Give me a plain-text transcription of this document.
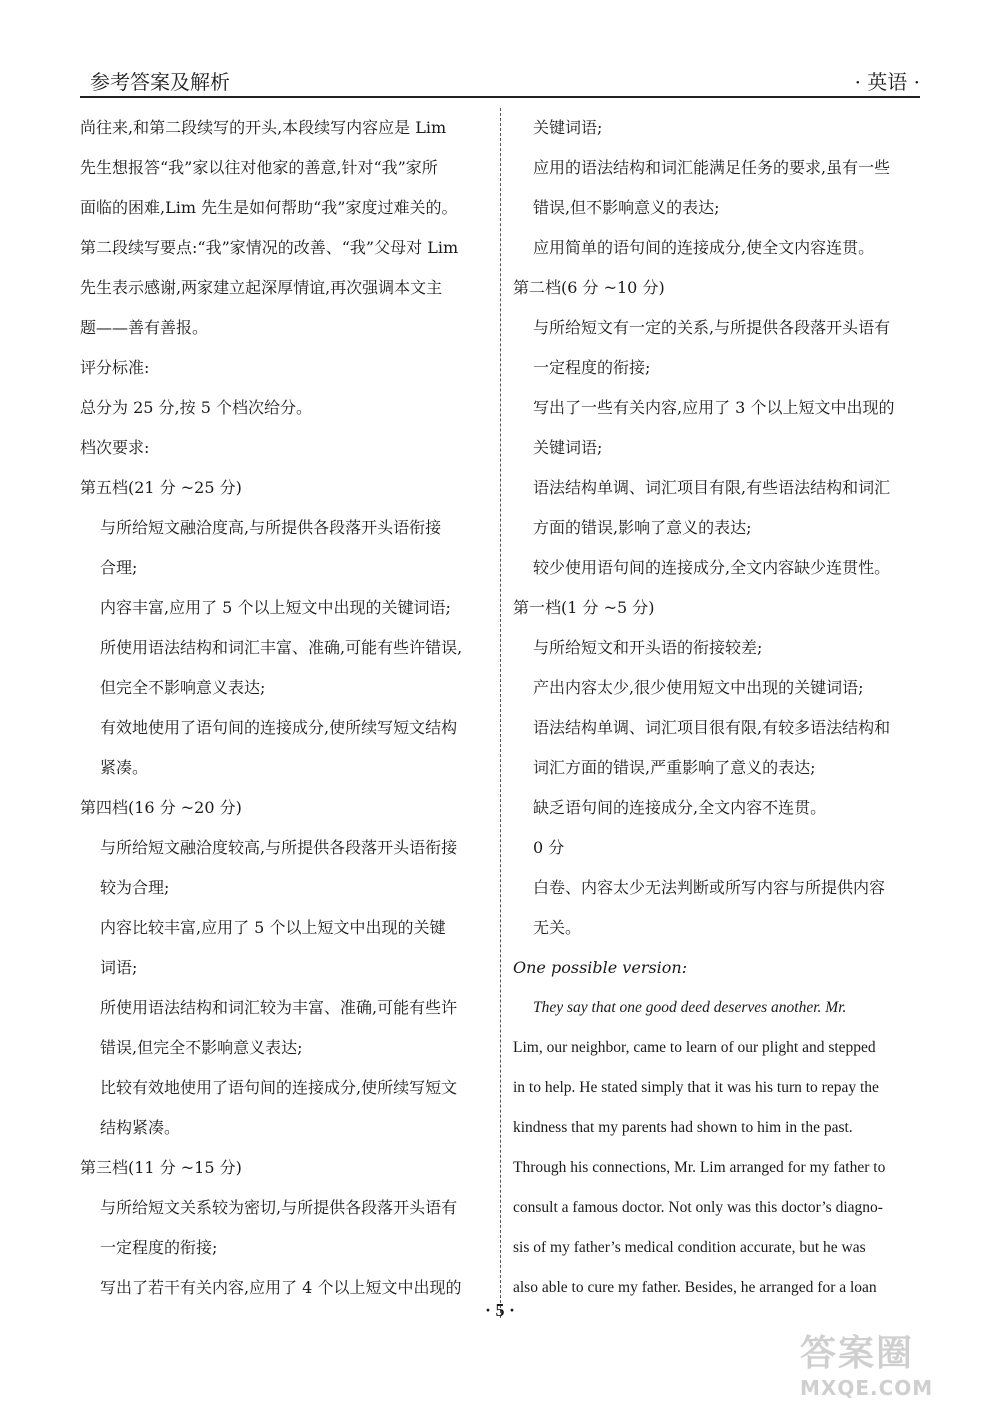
参考答案及解析	· 英语 ·
尚往来,和第二段续写的开头,本段续写内容应是 Lim
先生想报答“我”家以往对他家的善意,针对“我”家所
面临的困难,Lim 先生是如何帮助“我”家度过难关的。
第二段续写要点:“我”家情况的改善、“我”父母对 Lim
先生表示感谢,两家建立起深厚情谊,再次强调本文主
题——善有善报。
评分标准:
总分为 25 分,按 5 个档次给分。
档次要求:
第五档(21 分 ~25 分)
与所给短文融洽度高,与所提供各段落开头语衔接
合理;
内容丰富,应用了 5 个以上短文中出现的关键词语;
所使用语法结构和词汇丰富、准确,可能有些许错误,
但完全不影响意义表达;
有效地使用了语句间的连接成分,使所续写短文结构
紧凑。
第四档(16 分 ~20 分)
与所给短文融洽度较高,与所提供各段落开头语衔接
较为合理;
内容比较丰富,应用了 5 个以上短文中出现的关键
词语;
所使用语法结构和词汇较为丰富、准确,可能有些许
错误,但完全不影响意义表达;
比较有效地使用了语句间的连接成分,使所续写短文
结构紧凑。
第三档(11 分 ~15 分)
与所给短文关系较为密切,与所提供各段落开头语有
一定程度的衔接;
写出了若干有关内容,应用了 4 个以上短文中出现的
关键词语;
应用的语法结构和词汇能满足任务的要求,虽有一些
错误,但不影响意义的表达;
应用简单的语句间的连接成分,使全文内容连贯。
第二档(6 分 ~10 分)
与所给短文有一定的关系,与所提供各段落开头语有
一定程度的衔接;
写出了一些有关内容,应用了 3 个以上短文中出现的
关键词语;
语法结构单调、词汇项目有限,有些语法结构和词汇
方面的错误,影响了意义的表达;
较少使用语句间的连接成分,全文内容缺少连贯性。
第一档(1 分 ~5 分)
与所给短文和开头语的衔接较差;
产出内容太少,很少使用短文中出现的关键词语;
语法结构单调、词汇项目很有限,有较多语法结构和
词汇方面的错误,严重影响了意义的表达;
缺乏语句间的连接成分,全文内容不连贯。
0 分
白卷、内容太少无法判断或所写内容与所提供内容
无关。
One possible version:
They say that one good deed deserves another. Mr.
Lim, our neighbor, came to learn of our plight and stepped
in to help. He stated simply that it was his turn to repay the
kindness that my parents had shown to him in the past.
Through his connections, Mr. Lim arranged for my father to
consult a famous doctor. Not only was this doctor’s diagno-
sis of my father’s medical condition accurate, but he was
also able to cure my father. Besides, he arranged for a loan
· 5 ·
答案圈
MXQE.COM
